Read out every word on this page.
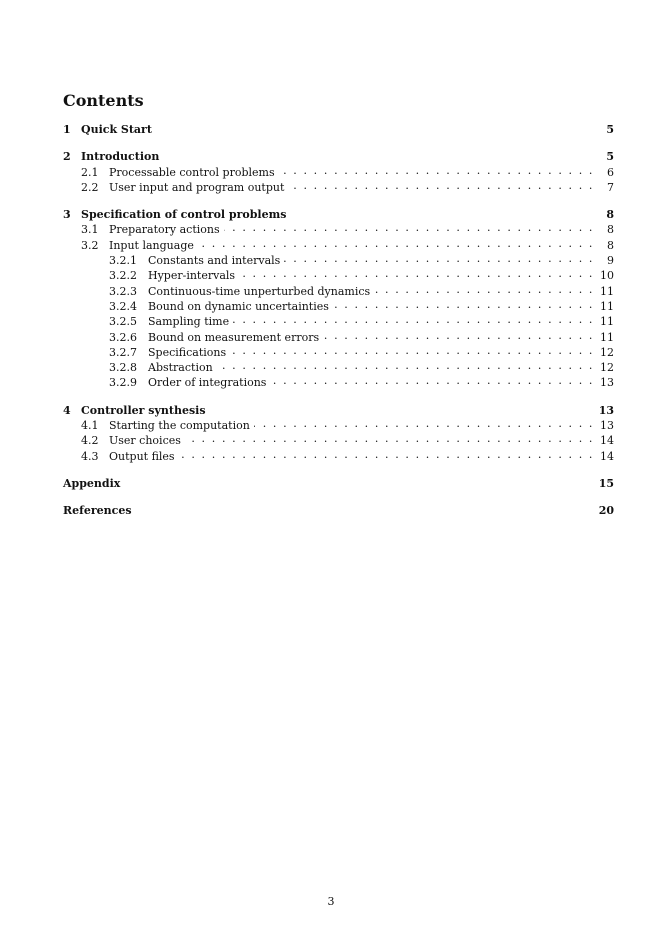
Contents
1 Quick Start	5
2 Introduction	5
2.1 Processable control problems . . .	6
2.2 User input and program output . . .	7
3 Specification of control problems	8
3.1 Preparatory actions . . .	8
3.2 Input language . . .	8
3.2.1	Constants and intervals . . .	9
3.2.2	Hyper-intervals . . .	10
3.2.3	Continuous-time unperturbed dynamics . . .	11
3.2.4	Bound on dynamic uncertainties . . .	11
3.2.5	Sampling time . . .	11
3.2.6	Bound on measurement errors . . .	11
3.2.7	Specifications . . .	12
3.2.8	Abstraction . . .	12
3.2.9	Order of integrations . . .	13
4 Controller synthesis	13
4.1 Starting the computation . . .	13
4.2 User choices . . .	14
4.3 Output files . . .	14
Appendix	15
References	20
3
